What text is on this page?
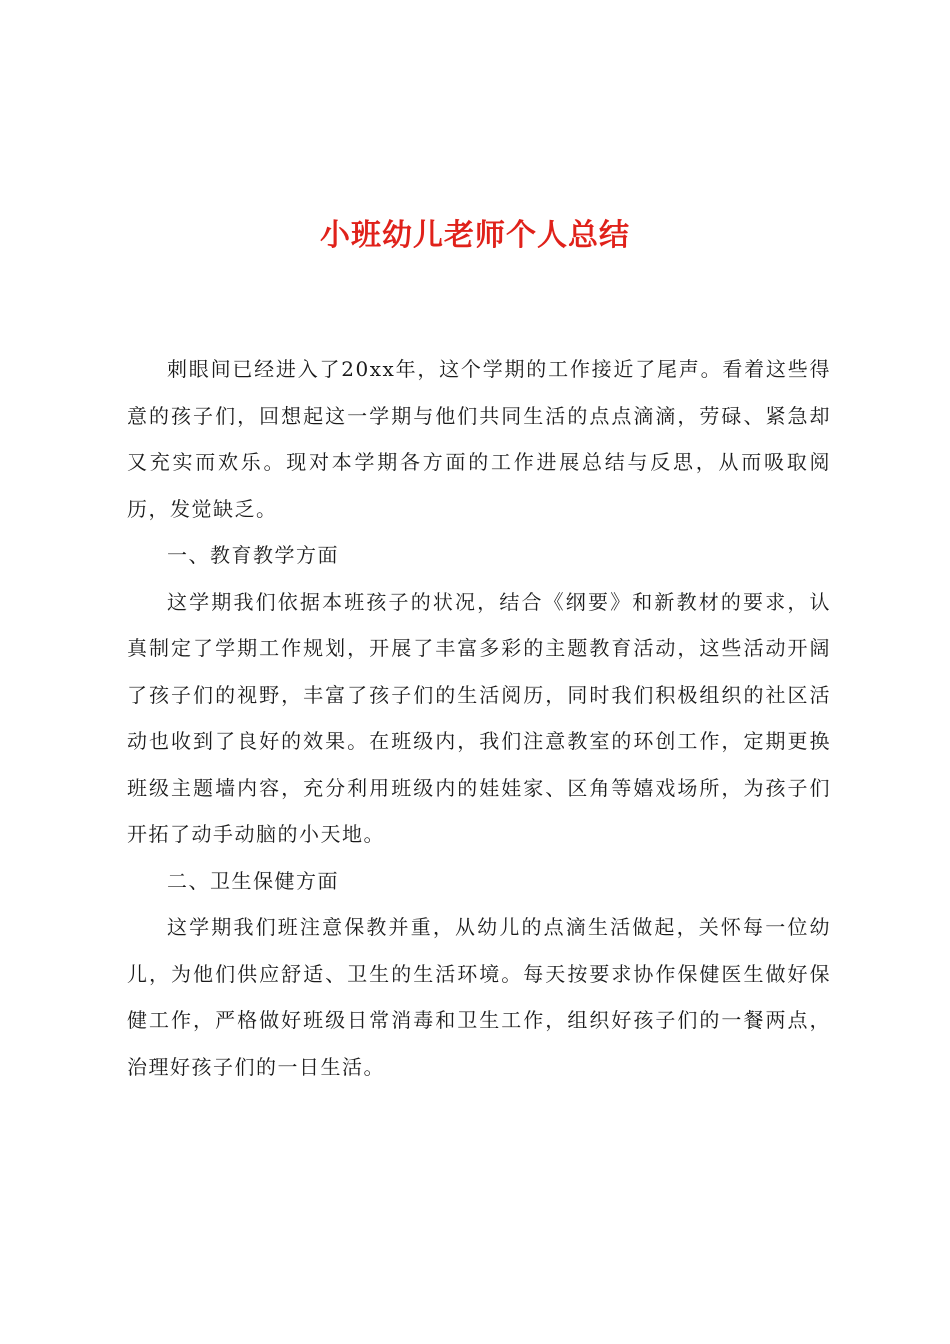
小班幼儿老师个人总结

刺眼间已经进入了20xx年，这个学期的工作接近了尾声。看着这些得意的孩子们，回想起这一学期与他们共同生活的点点滴滴，劳碌、紧急却又充实而欢乐。现对本学期各方面的工作进展总结与反思，从而吸取阅历，发觉缺乏。

一、教育教学方面

这学期我们依据本班孩子的状况，结合《纲要》和新教材的要求，认真制定了学期工作规划，开展了丰富多彩的主题教育活动，这些活动开阔了孩子们的视野，丰富了孩子们的生活阅历，同时我们积极组织的社区活动也收到了良好的效果。在班级内，我们注意教室的环创工作，定期更换班级主题墙内容，充分利用班级内的娃娃家、区角等嬉戏场所，为孩子们开拓了动手动脑的小天地。

二、卫生保健方面

这学期我们班注意保教并重，从幼儿的点滴生活做起，关怀每一位幼儿，为他们供应舒适、卫生的生活环境。每天按要求协作保健医生做好保健工作，严格做好班级日常消毒和卫生工作，组织好孩子们的一餐两点，治理好孩子们的一日生活。
